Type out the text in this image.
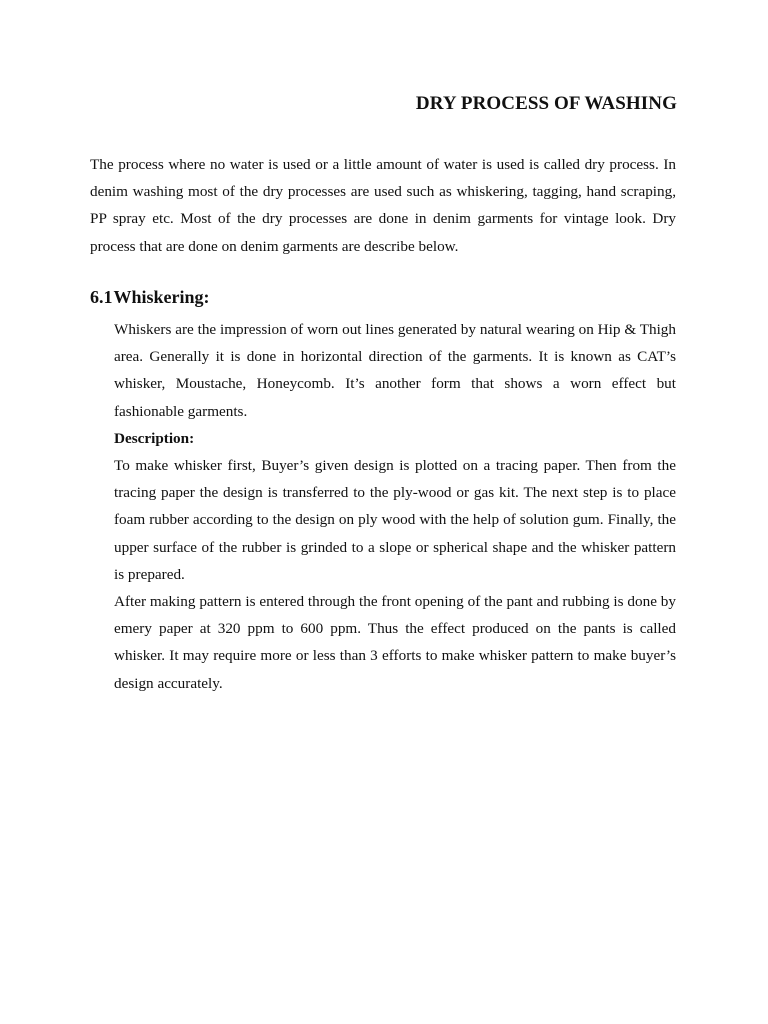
DRY PROCESS OF WASHING

The process where no water is used or a little amount of water is used is called dry process. In denim washing most of the dry processes are used such as whiskering, tagging, hand scraping, PP spray etc. Most of the dry processes are done in denim garments for vintage look. Dry process that are done on denim garments are describe below.

6.1Whiskering:

Whiskers are the impression of worn out lines generated by natural wearing on Hip & Thigh area. Generally it is done in horizontal direction of the garments. It is known as CAT’s whisker, Moustache, Honeycomb. It’s another form that shows a worn effect but fashionable garments.

Description:

To make whisker first, Buyer’s given design is plotted on a tracing paper. Then from the tracing paper the design is transferred to the ply-wood or gas kit. The next step is to place foam rubber according to the design on ply wood with the help of solution gum. Finally, the upper surface of the rubber is grinded to a slope or spherical shape and the whisker pattern is prepared.

After making pattern is entered through the front opening of the pant and rubbing is done by emery paper at 320 ppm to 600 ppm. Thus the effect produced on the pants is called whisker. It may require more or less than 3 efforts to make whisker pattern to make buyer’s design accurately.
